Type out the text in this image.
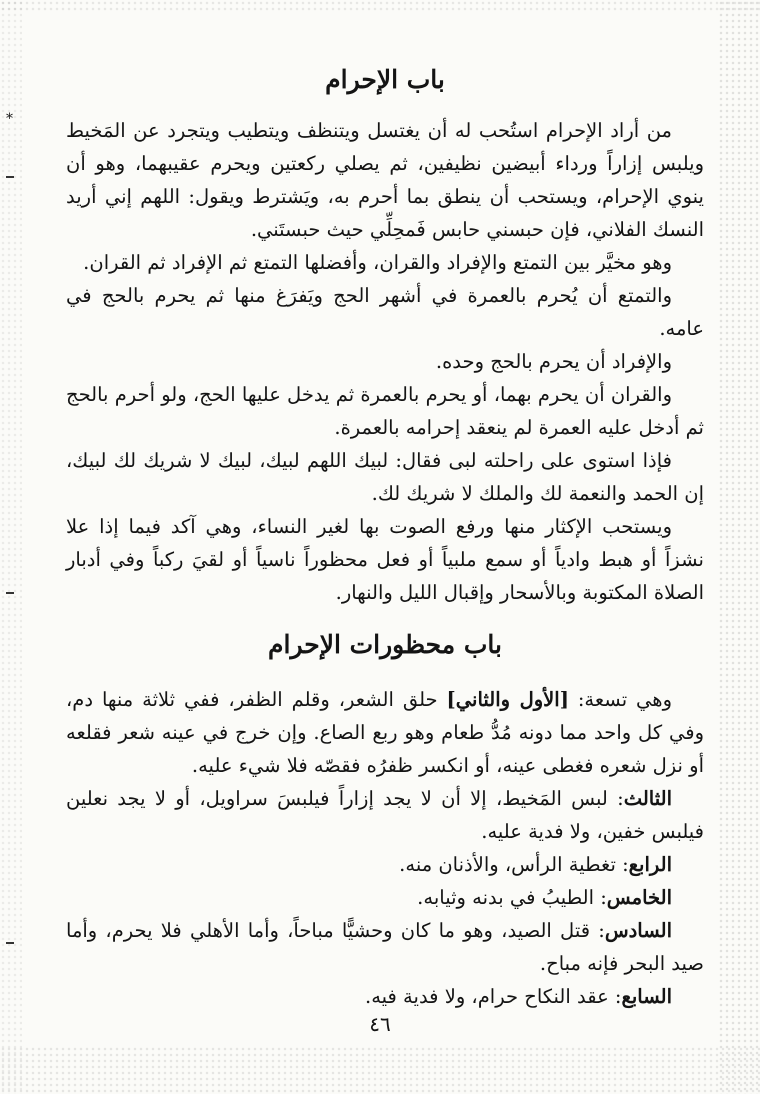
*
باب الإحرام

من أراد الإحرام استُحب له أن يغتسل ويتنظف ويتطيب ويتجرد عن المَخيط ويلبس إزاراً ورداء أبيضين نظيفين، ثم يصلي ركعتين ويحرم عقيبهما، وهو أن ينوي الإحرام، ويستحب أن ينطق بما أحرم به، ويَشترط ويقول: اللهم إني أريد النسك الفلاني، فإن حبسني حابس فَمحِلِّي حيث حبستَني.

وهو مخيَّر بين التمتع والإفراد والقران، وأفضلها التمتع ثم الإفراد ثم القران.

والتمتع أن يُحرم بالعمرة في أشهر الحج ويَفرَغ منها ثم يحرم بالحج في عامه.

والإفراد أن يحرم بالحج وحده.

والقران أن يحرم بهما، أو يحرم بالعمرة ثم يدخل عليها الحج، ولو أحرم بالحج ثم أدخل عليه العمرة لم ينعقد إحرامه بالعمرة.

فإذا استوى على راحلته لبى فقال: لبيك اللهم لبيك، لبيك لا شريك لك لبيك، إن الحمد والنعمة لك والملك لا شريك لك.

ويستحب الإكثار منها ورفع الصوت بها لغير النساء، وهي آكد فيما إذا علا نشزاً أو هبط وادياً أو سمع ملبياً أو فعل محظوراً ناسياً أو لقيَ ركباً وفي أدبار الصلاة المكتوبة وبالأسحار وإقبال الليل والنهار.

باب محظورات الإحرام

وهي تسعة: [الأول والثاني] حلق الشعر، وقلم الظفر، ففي ثلاثة منها دم، وفي كل واحد مما دونه مُدُّ طعام وهو ربع الصاع. وإن خرج في عينه شعر فقلعه أو نزل شعره فغطى عينه، أو انكسر ظفرُه فقصّه فلا شيء عليه.

الثالث: لبس المَخيط، إلا أن لا يجد إزاراً فيلبسَ سراويل، أو لا يجد نعلين فيلبس خفين، ولا فدية عليه.

الرابع: تغطية الرأس، والأذنان منه.

الخامس: الطيبُ في بدنه وثيابه.

السادس: قتل الصيد، وهو ما كان وحشيًّا مباحاً، وأما الأهلي فلا يحرم، وأما صيد البحر فإنه مباح.

السابع: عقد النكاح حرام، ولا فدية فيه.

٤٦
